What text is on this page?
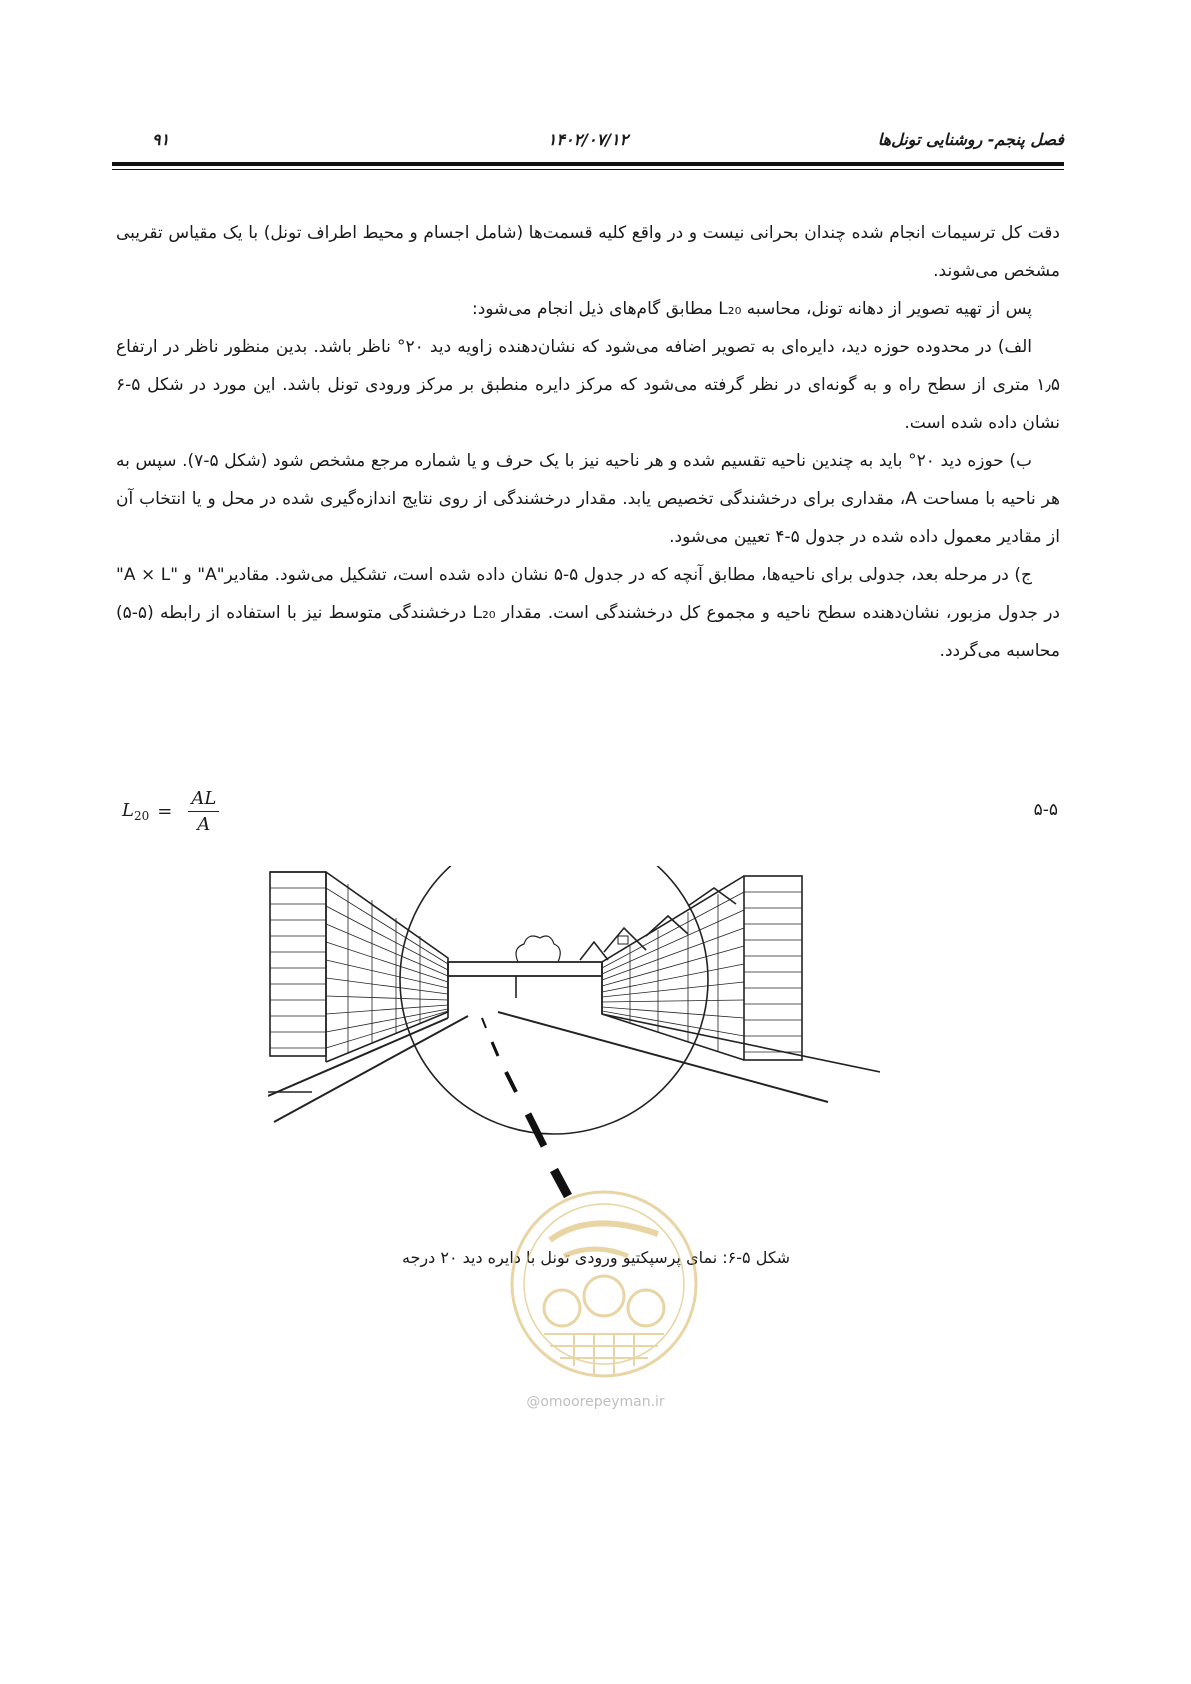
فصل پنجم- روشنایی تونل‌ها
۱۴۰۲/۰۷/۱۲
۹۱

دقت کل ترسیمات انجام شده چندان بحرانی نیست و در واقع کلیه قسمت‌ها (شامل اجسام و محیط اطراف تونل) با یک مقیاس تقریبی مشخص می‌شوند.

پس از تهیه تصویر از دهانه تونل، محاسبه L₂₀ مطابق گام‌های ذیل انجام می‌شود:

الف) در محدوده حوزه دید، دایره‌ای به تصویر اضافه می‌شود که نشان‌دهنده زاویه دید ۲۰° ناظر باشد. بدین منظور ناظر در ارتفاع ۱٫۵ متری از سطح راه و به گونه‌ای در نظر گرفته می‌شود که مرکز دایره منطبق بر مرکز ورودی تونل باشد. این مورد در شکل ۵-۶ نشان داده شده است.

ب) حوزه دید ۲۰° باید به چندین ناحیه تقسیم شده و هر ناحیه نیز با یک حرف و یا شماره مرجع مشخص شود (شکل ۵-۷). سپس به هر ناحیه با مساحت A، مقداری برای درخشندگی تخصیص یابد. مقدار درخشندگی از روی نتایج اندازه‌گیری شده در محل و یا انتخاب آن از مقادیر معمول داده شده در جدول ۵-۴ تعیین می‌شود.

ج) در مرحله بعد، جدولی برای ناحیه‌ها، مطابق آنچه که در جدول ۵-۵ نشان داده شده است، تشکیل می‌شود. مقادیر"A" و "A × L" در جدول مزبور، نشان‌دهنده سطح ناحیه و مجموع کل درخشندگی است. مقدار L₂₀ درخشندگی متوسط نیز با استفاده از رابطه (۵-۵) محاسبه می‌گردد.

$L_{20} = \frac{AL}{A}$	۵-۵
شکل ۵-۶: نمای پرسپکتیو ورودی تونل با دایره دید ۲۰ درجه
@omoorepeyman.ir
